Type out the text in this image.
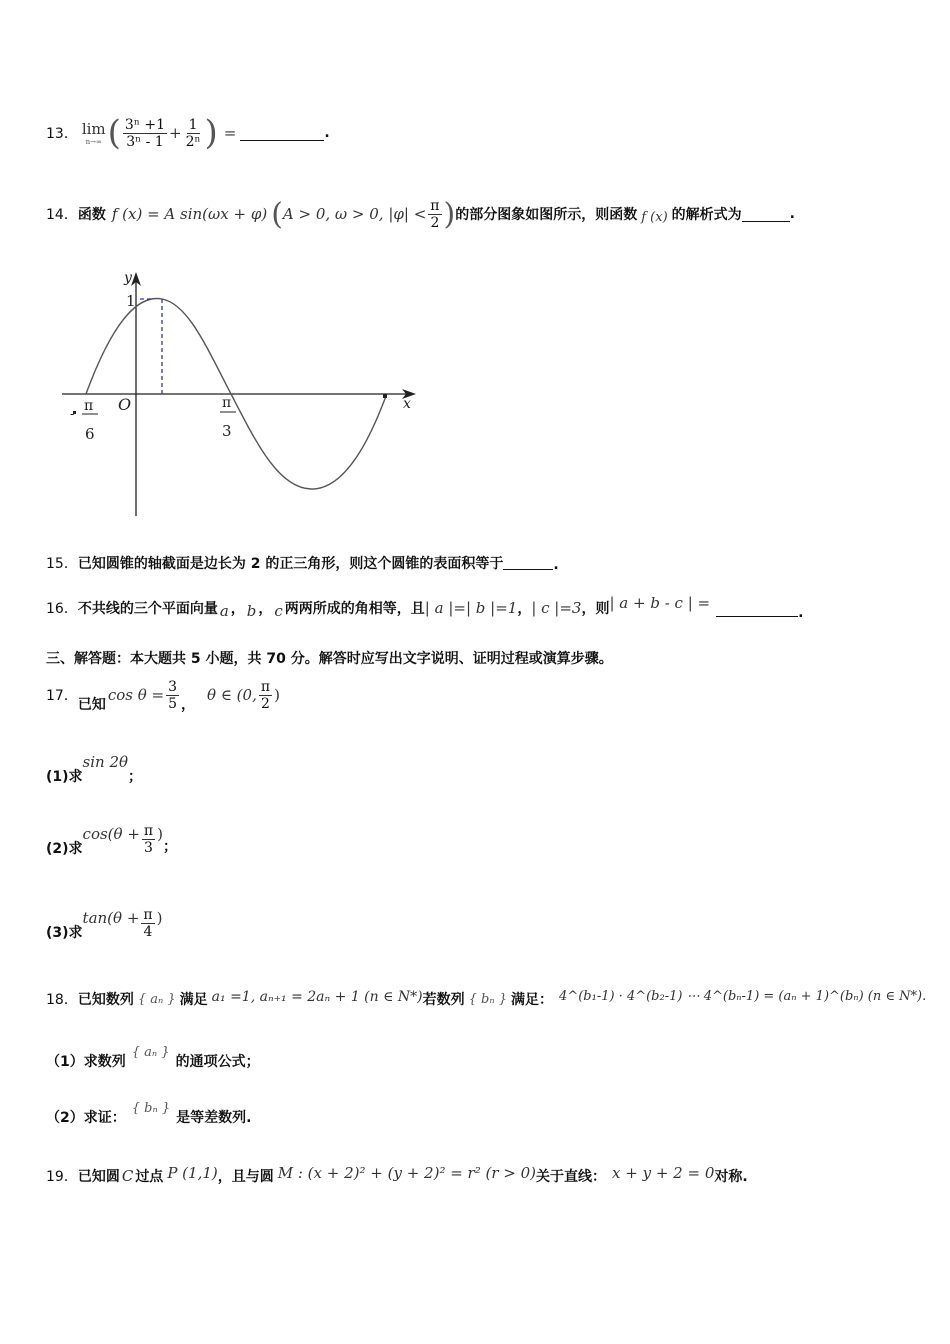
13． lim
n→∞ ( $\frac{\text{3ⁿ +1}}{\text{3ⁿ - 1}} + \frac{1}{\text{2ⁿ}}$ ) =	.
14． 函数 f (x) = A sin(ωx + φ) ( A > 0, ω > 0, $|\varphi| < \frac{\pi}{2}$ ) 的部分图象如图所示，则函数 f (x) 的解析式为	.
y
x
O
1
π
6
-
π
3
15． 已知圆锥的轴截面是边长为 2 的正三角形，则这个圆锥的表面积等于	.
16． 不共线的三个平面向量 a ， b ， c 两两所成的角相等，且 | a |=| b |=1 ， | c |=3 ，则 | a + b - c | =
.
三、解答题：本大题共 5 小题，共 70 分。解答时应写出文字说明、证明过程或演算步骤。
17．
已知
$\cos \theta = \frac{3}{5}$ ，
θ ∈ (0, $\frac{\pi}{2}$ )
(1)求
sin 2θ
；
(2)求
$\cos(\theta + \frac{\pi}{3}$ )
；
(3)求
$\tan(\theta + \frac{\pi}{4}$ )
18． 已知数列 { aₙ } 满足 a₁ =1, aₙ₊₁ = 2aₙ + 1 (n ∈ N*) 若数列 { bₙ } 满足： 4^(b₁-1) · 4^(b₂-1) ⋯ 4^(bₙ-1) = (aₙ + 1)^(bₙ) (n ∈ N*).
（1）求数列
{ aₙ }
的通项公式；
（2）求证：
{ bₙ }
是等差数列.
19． 已知圆 C 过点 P (1,1) ，且与圆 M : (x + 2)² + (y + 2)² = r² (r > 0) 关于直线： x + y + 2 = 0 对称.
